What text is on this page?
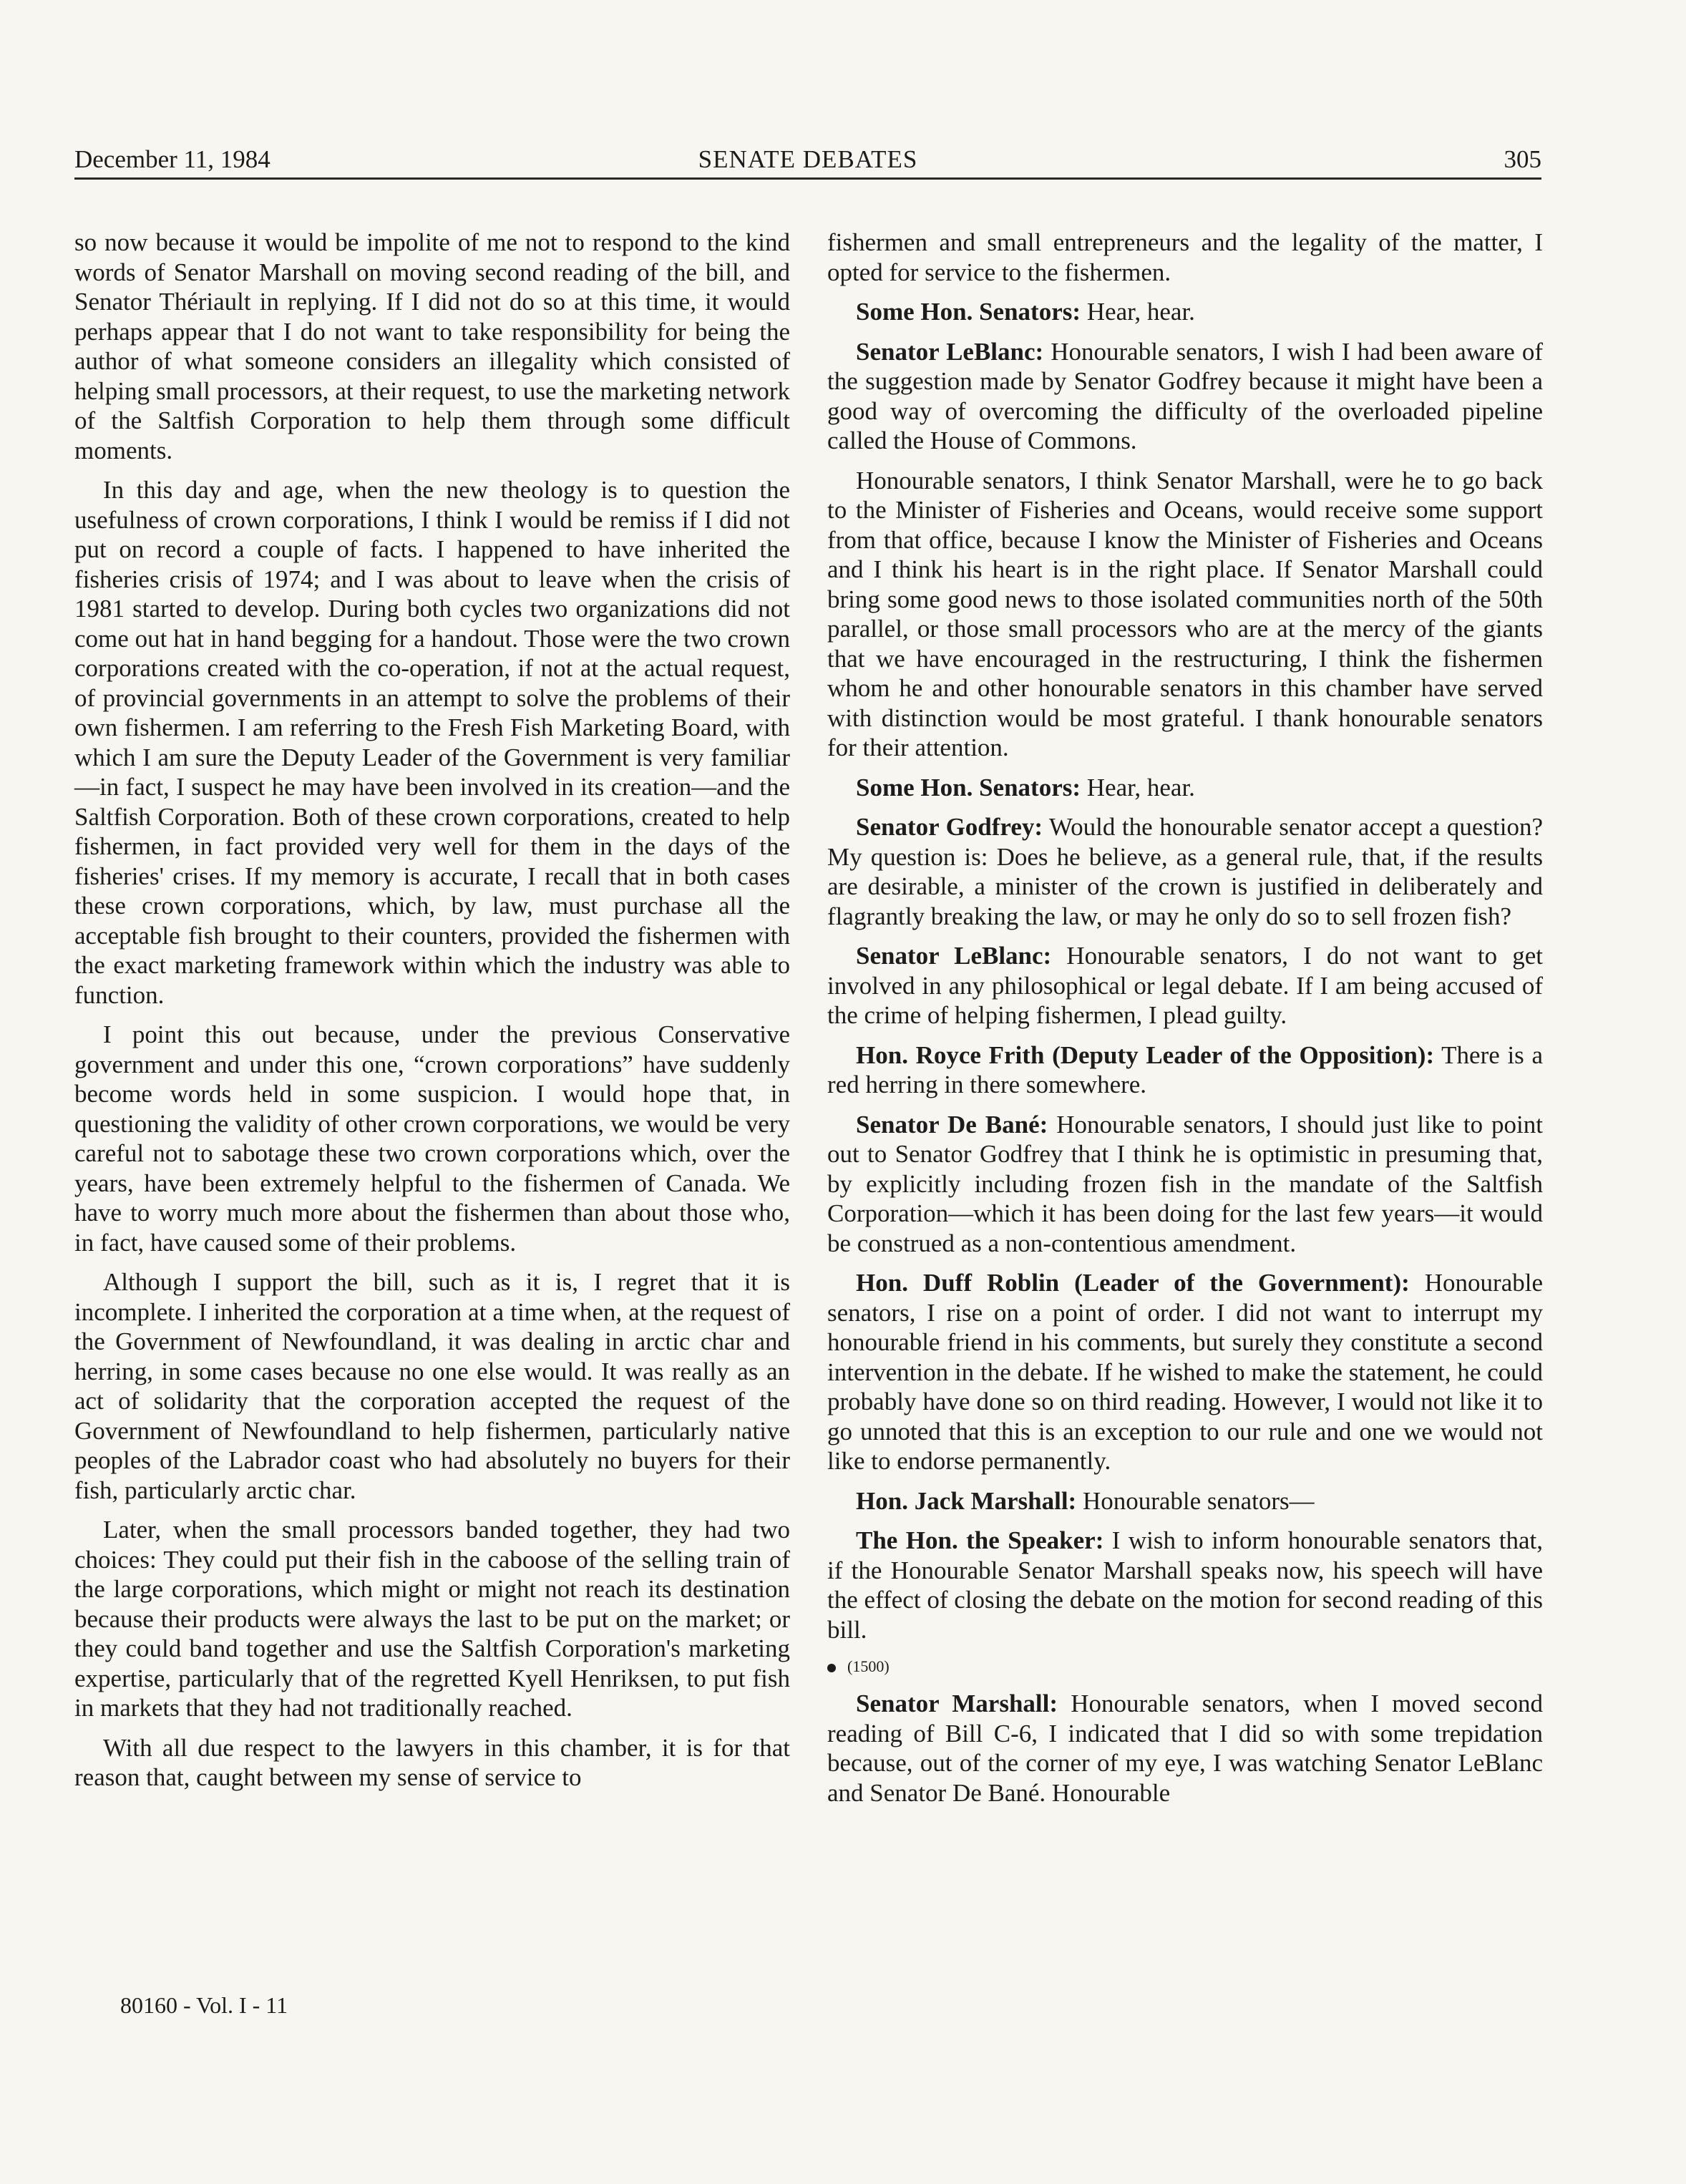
December 11, 1984	SENATE DEBATES	305

so now because it would be impolite of me not to respond to the kind words of Senator Marshall on moving second reading of the bill, and Senator Thériault in replying. If I did not do so at this time, it would perhaps appear that I do not want to take responsibility for being the author of what someone considers an illegality which consisted of helping small processors, at their request, to use the marketing network of the Saltfish Corporation to help them through some difficult moments.

In this day and age, when the new theology is to question the usefulness of crown corporations, I think I would be remiss if I did not put on record a couple of facts. I happened to have inherited the fisheries crisis of 1974; and I was about to leave when the crisis of 1981 started to develop. During both cycles two organizations did not come out hat in hand begging for a handout. Those were the two crown corporations created with the co-operation, if not at the actual request, of provincial governments in an attempt to solve the problems of their own fishermen. I am referring to the Fresh Fish Marketing Board, with which I am sure the Deputy Leader of the Government is very familiar—in fact, I suspect he may have been involved in its creation—and the Saltfish Corporation. Both of these crown corporations, created to help fishermen, in fact provided very well for them in the days of the fisheries' crises. If my memory is accurate, I recall that in both cases these crown corporations, which, by law, must purchase all the acceptable fish brought to their counters, provided the fishermen with the exact marketing framework within which the industry was able to function.

I point this out because, under the previous Conservative government and under this one, “crown corporations” have suddenly become words held in some suspicion. I would hope that, in questioning the validity of other crown corporations, we would be very careful not to sabotage these two crown corporations which, over the years, have been extremely helpful to the fishermen of Canada. We have to worry much more about the fishermen than about those who, in fact, have caused some of their problems.

Although I support the bill, such as it is, I regret that it is incomplete. I inherited the corporation at a time when, at the request of the Government of Newfoundland, it was dealing in arctic char and herring, in some cases because no one else would. It was really as an act of solidarity that the corporation accepted the request of the Government of Newfoundland to help fishermen, particularly native peoples of the Labrador coast who had absolutely no buyers for their fish, particularly arctic char.

Later, when the small processors banded together, they had two choices: They could put their fish in the caboose of the selling train of the large corporations, which might or might not reach its destination because their products were always the last to be put on the market; or they could band together and use the Saltfish Corporation's marketing expertise, particularly that of the regretted Kyell Henriksen, to put fish in markets that they had not traditionally reached.

With all due respect to the lawyers in this chamber, it is for that reason that, caught between my sense of service to

fishermen and small entrepreneurs and the legality of the matter, I opted for service to the fishermen.

Some Hon. Senators: Hear, hear.

Senator LeBlanc: Honourable senators, I wish I had been aware of the suggestion made by Senator Godfrey because it might have been a good way of overcoming the difficulty of the overloaded pipeline called the House of Commons.

Honourable senators, I think Senator Marshall, were he to go back to the Minister of Fisheries and Oceans, would receive some support from that office, because I know the Minister of Fisheries and Oceans and I think his heart is in the right place. If Senator Marshall could bring some good news to those isolated communities north of the 50th parallel, or those small processors who are at the mercy of the giants that we have encouraged in the restructuring, I think the fishermen whom he and other honourable senators in this chamber have served with distinction would be most grateful. I thank honourable senators for their attention.

Some Hon. Senators: Hear, hear.

Senator Godfrey: Would the honourable senator accept a question? My question is: Does he believe, as a general rule, that, if the results are desirable, a minister of the crown is justified in deliberately and flagrantly breaking the law, or may he only do so to sell frozen fish?

Senator LeBlanc: Honourable senators, I do not want to get involved in any philosophical or legal debate. If I am being accused of the crime of helping fishermen, I plead guilty.

Hon. Royce Frith (Deputy Leader of the Opposition): There is a red herring in there somewhere.

Senator De Bané: Honourable senators, I should just like to point out to Senator Godfrey that I think he is optimistic in presuming that, by explicitly including frozen fish in the mandate of the Saltfish Corporation—which it has been doing for the last few years—it would be construed as a non-contentious amendment.

Hon. Duff Roblin (Leader of the Government): Honourable senators, I rise on a point of order. I did not want to interrupt my honourable friend in his comments, but surely they constitute a second intervention in the debate. If he wished to make the statement, he could probably have done so on third reading. However, I would not like it to go unnoted that this is an exception to our rule and one we would not like to endorse permanently.

Hon. Jack Marshall: Honourable senators—

The Hon. the Speaker: I wish to inform honourable senators that, if the Honourable Senator Marshall speaks now, his speech will have the effect of closing the debate on the motion for second reading of this bill.

(1500)

Senator Marshall: Honourable senators, when I moved second reading of Bill C-6, I indicated that I did so with some trepidation because, out of the corner of my eye, I was watching Senator LeBlanc and Senator De Bané. Honourable

80160 - Vol. I - 11
